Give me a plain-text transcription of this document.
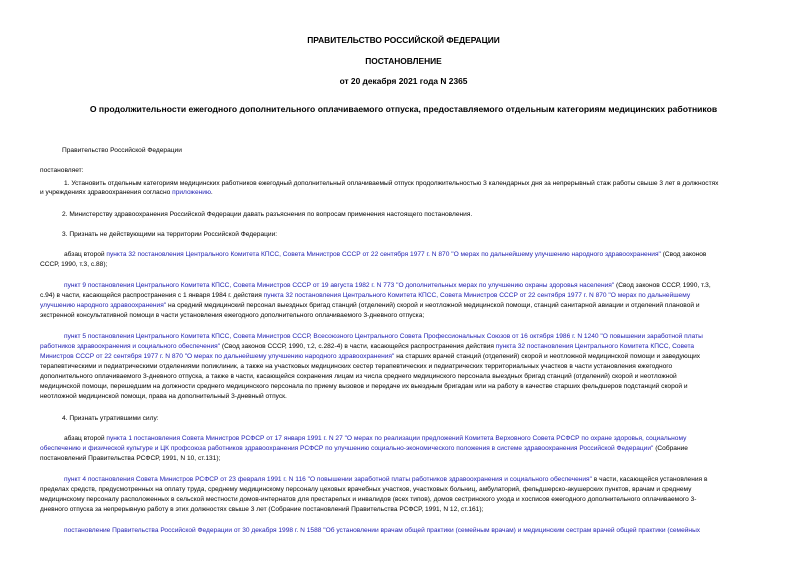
ПРАВИТЕЛЬСТВО РОССИЙСКОЙ ФЕДЕРАЦИИ
ПОСТАНОВЛЕНИЕ
от 20 декабря 2021 года N 2365
О продолжительности ежегодного дополнительного оплачиваемого отпуска, предоставляемого отдельным категориям медицинских работников
Правительство Российской Федерации
постановляет:
1. Установить отдельным категориям медицинских работников ежегодный дополнительный оплачиваемый отпуск продолжительностью 3 календарных дня за непрерывный стаж работы свыше 3 лет в должностях
и учреждениях здравоохранения согласно приложению.
2. Министерству здравоохранения Российской Федерации давать разъяснения по вопросам применения настоящего постановления.
3. Признать не действующими на территории Российской Федерации:
абзац второй пункта 32 постановления Центрального Комитета КПСС, Совета Министров СССР от 22 сентября 1977 г. N 870 "О мерах по дальнейшему улучшению народного здравоохранения" (Свод законов
СССР, 1990, т.3, с.88);
пункт 9 постановления Центрального Комитета КПСС, Совета Министров СССР от 19 августа 1982 г. N 773 "О дополнительных мерах по улучшению охраны здоровья населения" (Свод законов СССР, 1990, т.3,
с.94) в части, касающейся распространения с 1 января 1984 г. действия пункта 32 постановления Центрального Комитета КПСС, Совета Министров СССР от 22 сентября 1977 г. N 870 "О мерах по дальнейшему
улучшению народного здравоохранения" на средний медицинский персонал выездных бригад станций (отделений) скорой и неотложной медицинской помощи, станций санитарной авиации и отделений плановой и
экстренной консультативной помощи в части установления ежегодного дополнительного оплачиваемого 3-дневного отпуска;
пункт 5 постановления Центрального Комитета КПСС, Совета Министров СССР, Всесоюзного Центрального Совета Профессиональных Союзов от 16 октября 1986 г. N 1240 "О повышении заработной платы
работников здравоохранения и социального обеспечения" (Свод законов СССР, 1990, т.2, с.282-4) в части, касающейся распространения действия пункта 32 постановления Центрального Комитета КПСС, Совета
Министров СССР от 22 сентября 1977 г. N 870 "О мерах по дальнейшему улучшению народного здравоохранения" на старших врачей станций (отделений) скорой и неотложной медицинской помощи и заведующих
терапевтическими и педиатрическими отделениями поликлиник, а также на участковых медицинских сестер терапевтических и педиатрических территориальных участков в части установления ежегодного
дополнительного оплачиваемого 3-дневного отпуска, а также в части, касающейся сохранения лицам из числа среднего медицинского персонала выездных бригад станций (отделений) скорой и неотложной
медицинской помощи, перешедшим на должности среднего медицинского персонала по приему вызовов и передаче их выездным бригадам или на работу в качестве старших фельдшеров подстанций скорой и
неотложной медицинской помощи, права на дополнительный 3-дневный отпуск.
4. Признать утратившими силу:
абзац второй пункта 1 постановления Совета Министров РСФСР от 17 января 1991 г. N 27 "О мерах по реализации предложений Комитета Верховного Совета РСФСР по охране здоровья, социальному
обеспечению и физической культуре и ЦК профсоюза работников здравоохранения РСФСР по улучшению социально-экономического положения в системе здравоохранения Российской Федерации" (Собрание
постановлений Правительства РСФСР, 1991, N 10, ст.131);
пункт 4 постановления Совета Министров РСФСР от 23 февраля 1991 г. N 116 "О повышении заработной платы работников здравоохранения и социального обеспечения" в части, касающейся установления в
пределах средств, предусмотренных на оплату труда, среднему медицинскому персоналу цеховых врачебных участков, участковых больниц, амбулаторий, фельдшерско-акушерских пунктов, врачам и среднему
медицинскому персоналу расположенных в сельской местности домов-интернатов для престарелых и инвалидов (всех типов), домов сестринского ухода и хосписов ежегодного дополнительного оплачиваемого 3-
дневного отпуска за непрерывную работу в этих должностях свыше 3 лет (Собрание постановлений Правительства РСФСР, 1991, N 12, ст.161);
постановление Правительства Российской Федерации от 30 декабря 1998 г. N 1588 "Об установлении врачам общей практики (семейным врачам) и медицинским сестрам врачей общей практики (семейных
